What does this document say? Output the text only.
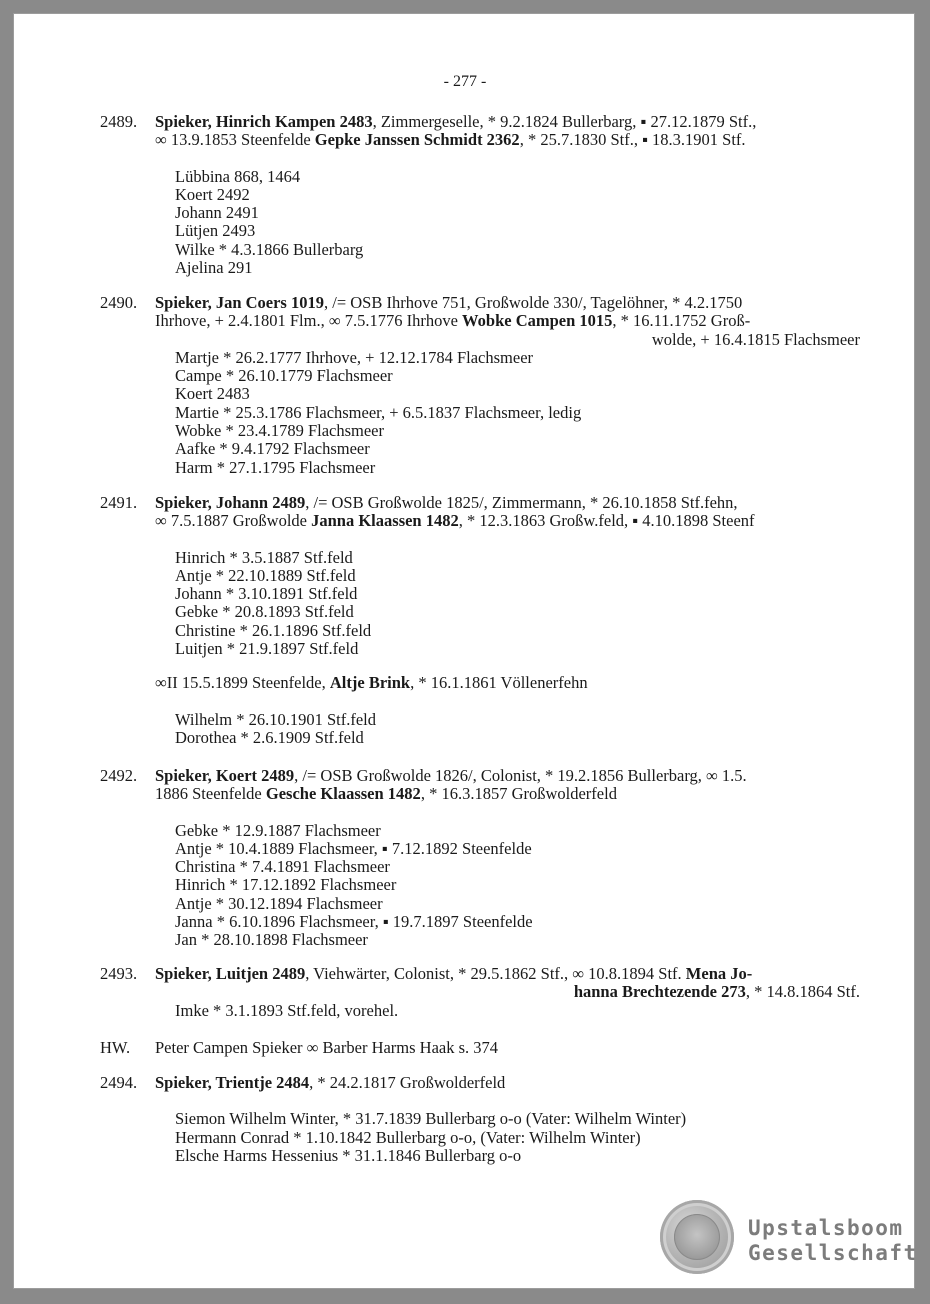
- 277 -
2489. Spieker, Hinrich Kampen 2483, Zimmergeselle, * 9.2.1824 Bullerbarg, ▪ 27.12.1879 Stf.,
∞ 13.9.1853 Steenfelde Gepke Janssen Schmidt 2362, * 25.7.1830 Stf., ▪ 18.3.1901 Stf.
Lübbina 868, 1464
Koert 2492
Johann 2491
Lütjen 2493
Wilke * 4.3.1866 Bullerbarg
Ajelina 291
2490. Spieker, Jan Coers 1019, /= OSB Ihrhove 751, Großwolde 330/, Tagelöhner, * 4.2.1750
Ihrhove, + 2.4.1801 Flm., ∞ 7.5.1776 Ihrhove Wobke Campen 1015, * 16.11.1752 Groß-
wolde, + 16.4.1815 Flachsmeer
Martje * 26.2.1777 Ihrhove, + 12.12.1784 Flachsmeer
Campe * 26.10.1779 Flachsmeer
Koert 2483
Martie * 25.3.1786 Flachsmeer, + 6.5.1837 Flachsmeer, ledig
Wobke * 23.4.1789 Flachsmeer
Aafke * 9.4.1792 Flachsmeer
Harm * 27.1.1795 Flachsmeer
2491. Spieker, Johann 2489, /= OSB Großwolde 1825/, Zimmermann, * 26.10.1858 Stf.fehn,
∞ 7.5.1887 Großwolde Janna Klaassen 1482, * 12.3.1863 Großw.feld, ▪ 4.10.1898 Steenf
Hinrich * 3.5.1887 Stf.feld
Antje * 22.10.1889 Stf.feld
Johann * 3.10.1891 Stf.feld
Gebke * 20.8.1893 Stf.feld
Christine * 26.1.1896 Stf.feld
Luitjen * 21.9.1897 Stf.feld
∞II 15.5.1899 Steenfelde, Altje Brink, * 16.1.1861 Völlenerfehn
Wilhelm * 26.10.1901 Stf.feld
Dorothea * 2.6.1909 Stf.feld
2492. Spieker, Koert 2489, /= OSB Großwolde 1826/, Colonist, * 19.2.1856 Bullerbarg, ∞ 1.5.
1886 Steenfelde Gesche Klaassen 1482, * 16.3.1857 Großwolderfeld
Gebke * 12.9.1887 Flachsmeer
Antje * 10.4.1889 Flachsmeer, ▪ 7.12.1892 Steenfelde
Christina * 7.4.1891 Flachsmeer
Hinrich * 17.12.1892 Flachsmeer
Antje * 30.12.1894 Flachsmeer
Janna * 6.10.1896 Flachsmeer, ▪ 19.7.1897 Steenfelde
Jan * 28.10.1898 Flachsmeer
2493. Spieker, Luitjen 2489, Viehwärter, Colonist, * 29.5.1862 Stf., ∞ 10.8.1894 Stf. Mena Jo-
hanna Brechtezende 273, * 14.8.1864 Stf.
Imke * 3.1.1893 Stf.feld, vorehel.
HW. Peter Campen Spieker ∞ Barber Harms Haak s. 374
2494. Spieker, Trientje 2484, * 24.2.1817 Großwolderfeld
Siemon Wilhelm Winter, * 31.7.1839 Bullerbarg o-o (Vater: Wilhelm Winter)
Hermann Conrad * 1.10.1842 Bullerbarg o-o, (Vater: Wilhelm Winter)
Elsche Harms Hessenius * 31.1.1846 Bullerbarg o-o
Upstalsboom
Gesellschaft
